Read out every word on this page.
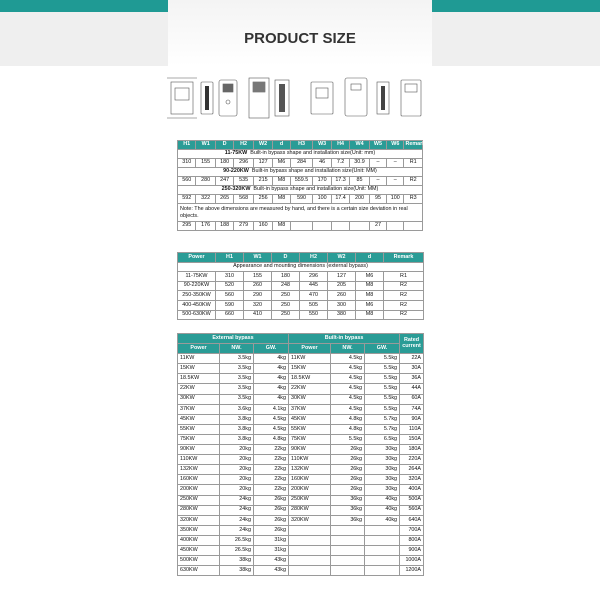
PRODUCT SIZE
H1	W1	D	H2	W2	d	H3	W3	H4	W4	W5	W6	Remark
11-75KW Built-in bypass shape and installation size(Unit: mm)												
310	155	180	296	127	M6	284	46	7.2	30.9	–	–	R1
90-220KW Built-in bypass shape and installation size(Unit: MM)												
560	280	247	535	215	M8	559.5	170	17.3	85	–	–	R2
250-320KW Built-in bypass shape and installation size(Unit: MM)												
592	322	265	568	256	M8	590	100	17.4	200	95	100	R3
Note: The above dimensions are measured by hand, and there is a certain size deviation in real objects.												
295	176	188	279	160	M8					27		
Power	H1	W1	D	H2	W2	d	Remark
Appearance and mounting dimensions (external bypass)							
11-75KW	310	155	180	296	127	M6	R1
90-220KW	520	260	248	445	205	M8	R2
250-350KW	560	290	250	470	260	M8	R2
400-450KW	590	320	250	505	300	M6	R2
500-630KW	660	410	250	550	380	M8	R2
External bypass			Built-in bypass			Rated current
Power	NW.	GW.	Power	NW.	GW.	
11KW	3.5kg	4kg	11KW	4.5kg	5.5kg	22A
15KW	3.5kg	4kg	15KW	4.5kg	5.5kg	30A
18.5KW	3.5kg	4kg	18.5KW	4.5kg	5.5kg	36A
22KW	3.5kg	4kg	22KW	4.5kg	5.5kg	44A
30KW	3.5kg	4kg	30KW	4.5kg	5.5kg	60A
37KW	3.6kg	4.1kg	37KW	4.5kg	5.5kg	74A
45KW	3.8kg	4.5kg	45KW	4.8kg	5.7kg	90A
55KW	3.8kg	4.5kg	55KW	4.8kg	5.7kg	110A
75KW	3.8kg	4.8kg	75KW	5.5kg	6.5kg	150A
90KW	20kg	22kg	90KW	26kg	30kg	180A
110KW	20kg	22kg	110KW	26kg	30kg	220A
132KW	20kg	22kg	132KW	26kg	30kg	264A
160KW	20kg	22kg	160KW	26kg	30kg	320A
200KW	20kg	22kg	200KW	26kg	30kg	400A
250KW	24kg	26kg	250KW	36kg	40kg	500A
280KW	24kg	26kg	280KW	36kg	40kg	560A
320KW	24kg	26kg	320KW	36kg	40kg	640A
350KW	24kg	26kg				700A
400KW	26.5kg	31kg				800A
450KW	26.5kg	31kg				900A
500KW	38kg	43kg				1000A
630KW	38kg	43kg				1200A
